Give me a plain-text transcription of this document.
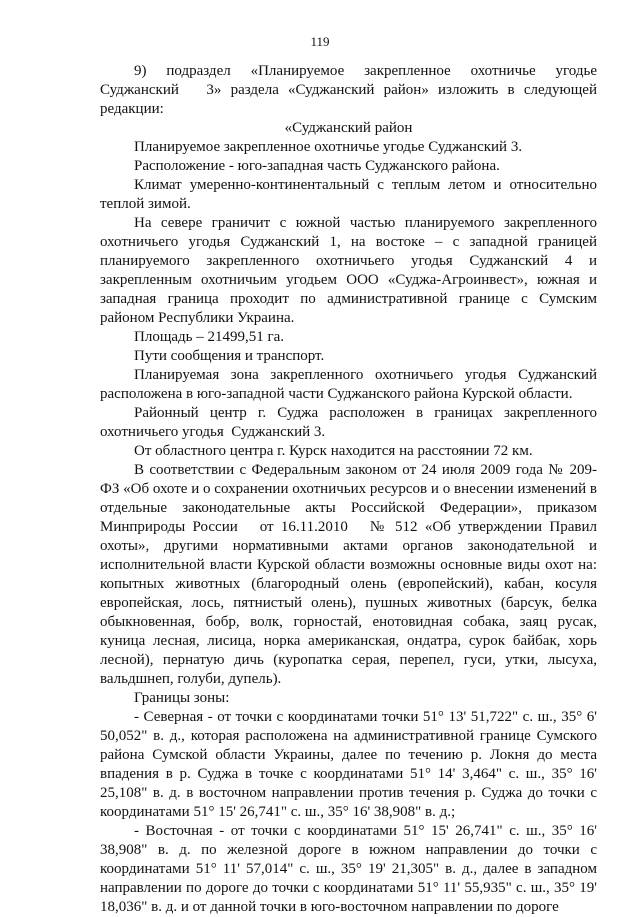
119

9)   подраздел   «Планируемое   закрепленное   охотничье   угодье Суджанский   3» раздела «Суджанский район» изложить в следующей редакции:

«Суджанский район

Планируемое закрепленное охотничье угодье Суджанский 3.

Расположение - юго-западная часть Суджанского района.

Климат умеренно-континентальный с теплым летом и относительно теплой зимой.

На севере граничит с южной частью планируемого закрепленного охотничьего угодья Суджанский 1, на востоке – с западной границей планируемого закрепленного охотничьего угодья Суджанский 4 и закрепленным охотничьим угодьем ООО «Суджа-Агроинвест», южная и западная граница проходит по административной границе с Сумским районом Республики Украина.

Площадь – 21499,51 га.

Пути сообщения и транспорт.

Планируемая зона закрепленного охотничьего угодья Суджанский расположена в юго-западной части Суджанского района Курской области.

Районный центр г. Суджа расположен в границах закрепленного охотничьего угодья  Суджанский 3.

От областного центра г. Курск находится на расстоянии 72 км.

В соответствии с Федеральным законом от 24 июля 2009 года № 209-ФЗ «Об охоте и о сохранении охотничьих ресурсов и о внесении изменений в отдельные законодательные акты Российской Федерации», приказом Минприроды России   от 16.11.2010   № 512 «Об утверждении Правил охоты», другими нормативными актами органов законодательной и исполнительной власти Курской области возможны основные виды охот на: копытных животных (благородный олень (европейский), кабан, косуля европейская, лось, пятнистый олень), пушных животных (барсук, белка обыкновенная, бобр, волк, горностай, енотовидная собака, заяц русак, куница лесная, лисица, норка американская, ондатра, сурок байбак, хорь лесной), пернатую дичь (куропатка серая, перепел, гуси, утки, лысуха, вальдшнеп, голуби, дупель).

Границы зоны:

- Северная - от точки с координатами точки 51° 13' 51,722" с. ш., 35° 6' 50,052" в. д., которая расположена на административной границе Сумского района Сумской области Украины, далее по течению р. Локня до места впадения в р. Суджа в точке с координатами 51° 14' 3,464" с. ш., 35° 16' 25,108" в. д. в восточном направлении против течения р. Суджа до точки с координатами 51° 15' 26,741" с. ш., 35° 16' 38,908" в. д.;

- Восточная - от точки с координатами 51° 15' 26,741" с. ш., 35° 16' 38,908" в. д. по железной дороге в южном направлении до точки с координатами 51° 11' 57,014" с. ш., 35° 19' 21,305" в. д., далее в западном направлении по дороге до точки с координатами 51° 11' 55,935" с. ш., 35° 19' 18,036" в. д. и от данной точки в юго-восточном направлении по дороге
